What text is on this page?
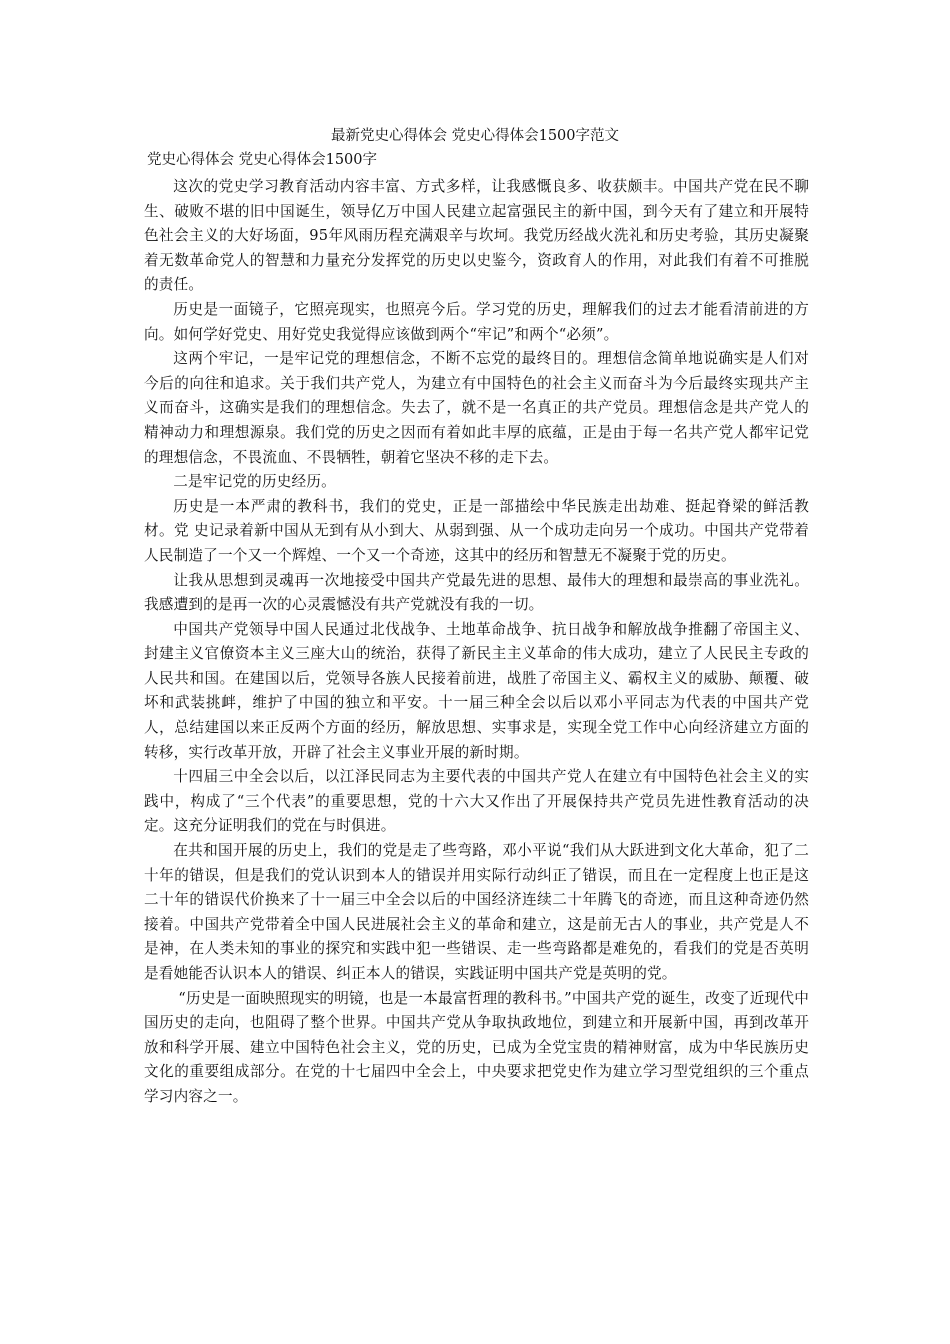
最新党史心得体会 党史心得体会1500字范文
党史心得体会 党史心得体会1500字

这次的党史学习教育活动内容丰富、方式多样，让我感慨良多、收获颇丰。中国共产党在民不聊生、破败不堪的旧中国诞生，领导亿万中国人民建立起富强民主的新中国，到今天有了建立和开展特色社会主义的大好场面，95年风雨历程充满艰辛与坎坷。我党历经战火洗礼和历史考验，其历史凝聚着无数革命党人的智慧和力量充分发挥党的历史以史鉴今，资政育人的作用，对此我们有着不可推脱的责任。

历史是一面镜子，它照亮现实，也照亮今后。学习党的历史，理解我们的过去才能看清前进的方向。如何学好党史、用好党史我觉得应该做到两个“牢记”和两个“必须”。

这两个牢记，一是牢记党的理想信念，不断不忘党的最终目的。理想信念简单地说确实是人们对今后的向往和追求。关于我们共产党人，为建立有中国特色的社会主义而奋斗为今后最终实现共产主义而奋斗，这确实是我们的理想信念。失去了，就不是一名真正的共产党员。理想信念是共产党人的精神动力和理想源泉。我们党的历史之因而有着如此丰厚的底蕴，正是由于每一名共产党人都牢记党的理想信念，不畏流血、不畏牺牲，朝着它坚决不移的走下去。

二是牢记党的历史经历。

历史是一本严肃的教科书，我们的党史，正是一部描绘中华民族走出劫难、挺起脊梁的鲜活教材。党 史记录着新中国从无到有从小到大、从弱到强、从一个成功走向另一个成功。中国共产党带着人民制造了一个又一个辉煌、一个又一个奇迹，这其中的经历和智慧无不凝聚于党的历史。

让我从思想到灵魂再一次地接受中国共产党最先进的思想、最伟大的理想和最崇高的事业洗礼。我感遭到的是再一次的心灵震憾没有共产党就没有我的一切。

中国共产党领导中国人民通过北伐战争、土地革命战争、抗日战争和解放战争推翻了帝国主义、封建主义官僚资本主义三座大山的统治，获得了新民主主义革命的伟大成功，建立了人民民主专政的人民共和国。在建国以后，党领导各族人民接着前进，战胜了帝国主义、霸权主义的威胁、颠覆、破坏和武装挑衅，维护了中国的独立和平安。十一届三种全会以后以邓小平同志为代表的中国共产党人，总结建国以来正反两个方面的经历，解放思想、实事求是，实现全党工作中心向经济建立方面的转移，实行改革开放，开辟了社会主义事业开展的新时期。

十四届三中全会以后，以江泽民同志为主要代表的中国共产党人在建立有中国特色社会主义的实践中，构成了“三个代表”的重要思想，党的十六大又作出了开展保持共产党员先进性教育活动的决定。这充分证明我们的党在与时俱进。

在共和国开展的历史上，我们的党是走了些弯路，邓小平说“我们从大跃进到文化大革命，犯了二十年的错误，但是我们的党认识到本人的错误并用实际行动纠正了错误，而且在一定程度上也正是这二十年的错误代价换来了十一届三中全会以后的中国经济连续二十年腾飞的奇迹，而且这种奇迹仍然接着。中国共产党带着全中国人民进展社会主义的革命和建立，这是前无古人的事业，共产党是人不是神，在人类未知的事业的探究和实践中犯一些错误、走一些弯路都是难免的，看我们的党是否英明是看她能否认识本人的错误、纠正本人的错误，实践证明中国共产党是英明的党。

“历史是一面映照现实的明镜，也是一本最富哲理的教科书。”中国共产党的诞生，改变了近现代中国历史的走向，也阻碍了整个世界。中国共产党从争取执政地位，到建立和开展新中国，再到改革开放和科学开展、建立中国特色社会主义，党的历史，已成为全党宝贵的精神财富，成为中华民族历史文化的重要组成部分。在党的十七届四中全会上，中央要求把党史作为建立学习型党组织的三个重点学习内容之一。
